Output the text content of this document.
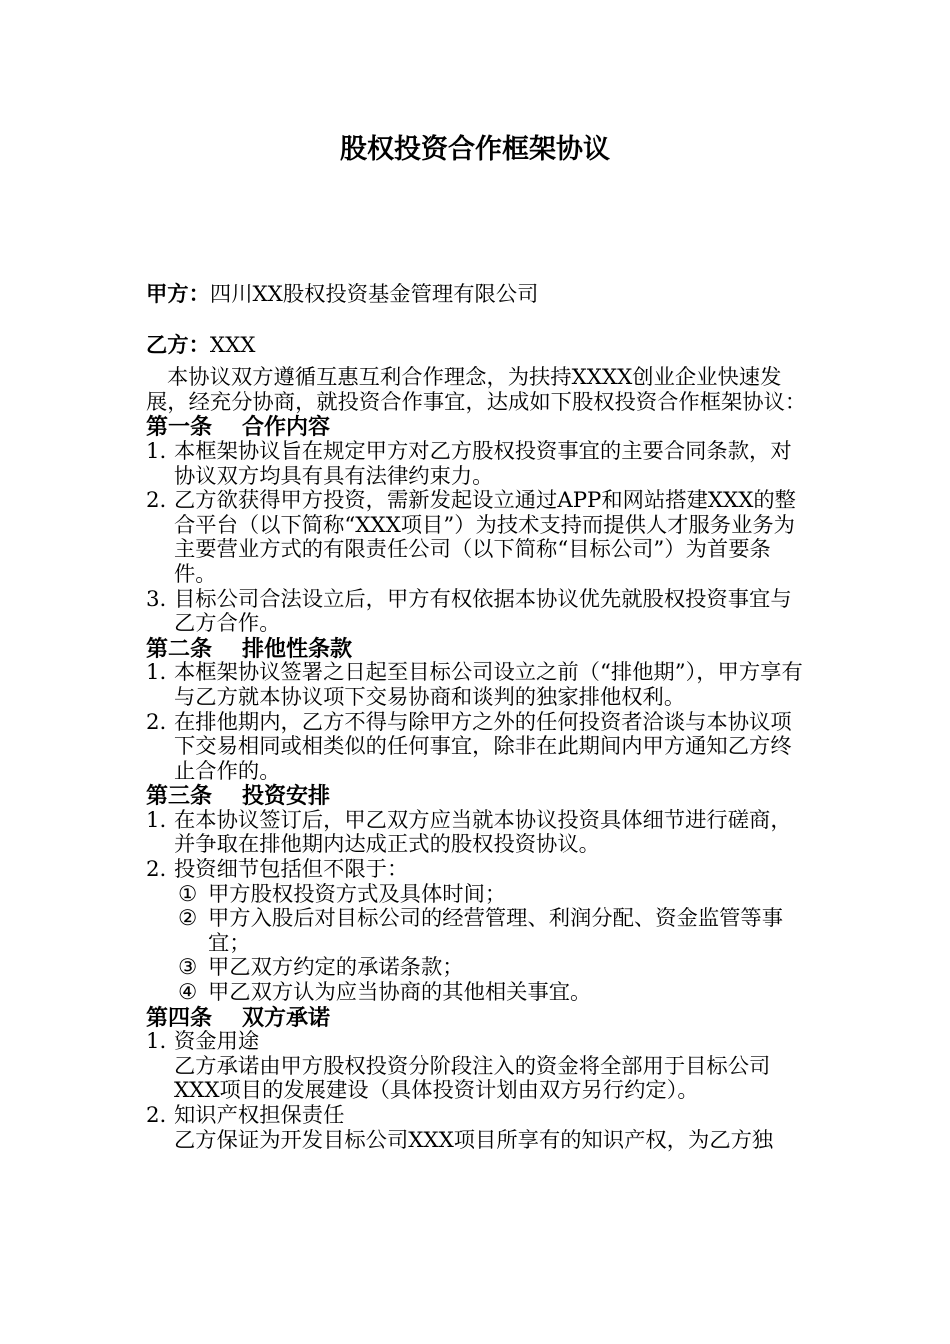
股权投资合作框架协议

甲方：四川XX股权投资基金管理有限公司

乙方：XXX

本协议双方遵循互惠互利合作理念，为扶持XXXX创业企业快速发展，经充分协商，就投资合作事宜，达成如下股权投资合作框架协议：

第一条 合作内容

1. 本框架协议旨在规定甲方对乙方股权投资事宜的主要合同条款，对协议双方均具有具有法律约束力。
2. 乙方欲获得甲方投资，需新发起设立通过APP和网站搭建XXX的整合平台（以下简称“XXX项目”）为技术支持而提供人才服务业务为主要营业方式的有限责任公司（以下简称“目标公司”）为首要条件。
3. 目标公司合法设立后，甲方有权依据本协议优先就股权投资事宜与乙方合作。

第二条 排他性条款

1. 本框架协议签署之日起至目标公司设立之前（“排他期”），甲方享有与乙方就本协议项下交易协商和谈判的独家排他权利。
2. 在排他期内，乙方不得与除甲方之外的任何投资者洽谈与本协议项下交易相同或相类似的任何事宜，除非在此期间内甲方通知乙方终止合作的。

第三条 投资安排

1. 在本协议签订后，甲乙双方应当就本协议投资具体细节进行磋商，并争取在排他期内达成正式的股权投资协议。
2. 投资细节包括但不限于：
① 甲方股权投资方式及具体时间；
② 甲方入股后对目标公司的经营管理、利润分配、资金监管等事宜；
③ 甲乙双方约定的承诺条款；
④ 甲乙双方认为应当协商的其他相关事宜。

第四条 双方承诺

1. 资金用途
乙方承诺由甲方股权投资分阶段注入的资金将全部用于目标公司XXX项目的发展建设（具体投资计划由双方另行约定）。
2. 知识产权担保责任
乙方保证为开发目标公司XXX项目所享有的知识产权，为乙方独
